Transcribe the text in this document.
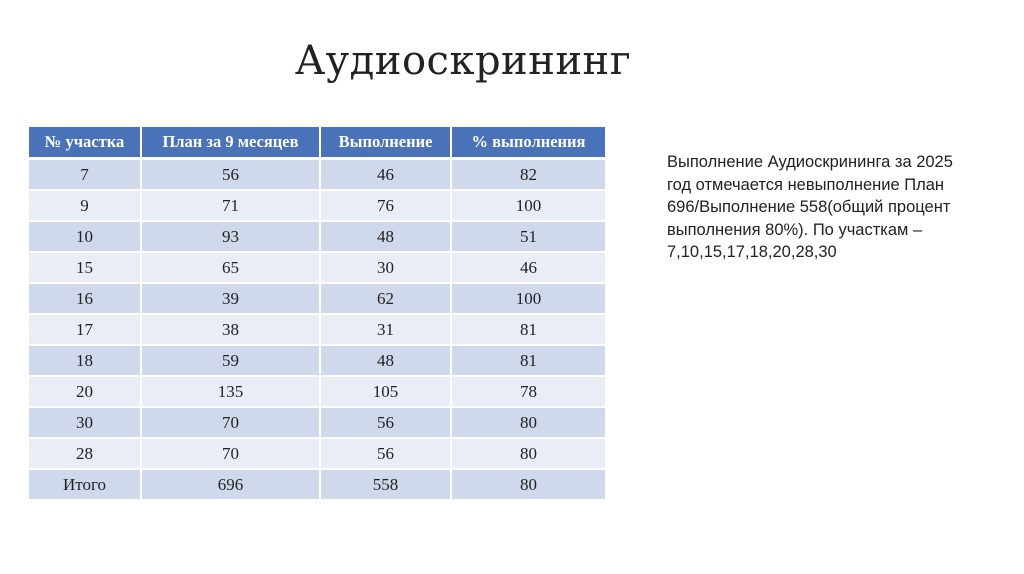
Аудиоскрининг
№ участка	План за 9 месяцев	Выполнение	% выполнения
7	56	46	82
9	71	76	100
10	93	48	51
15	65	30	46
16	39	62	100
17	38	31	81
18	59	48	81
20	135	105	78
30	70	56	80
28	70	56	80
Итого	696	558	80
Выполнение Аудиоскрининга за 2025 год отмечается невыполнение План 696/Выполнение 558(общий процент выполнения 80%). По участкам – 7,10,15,17,18,20,28,30
